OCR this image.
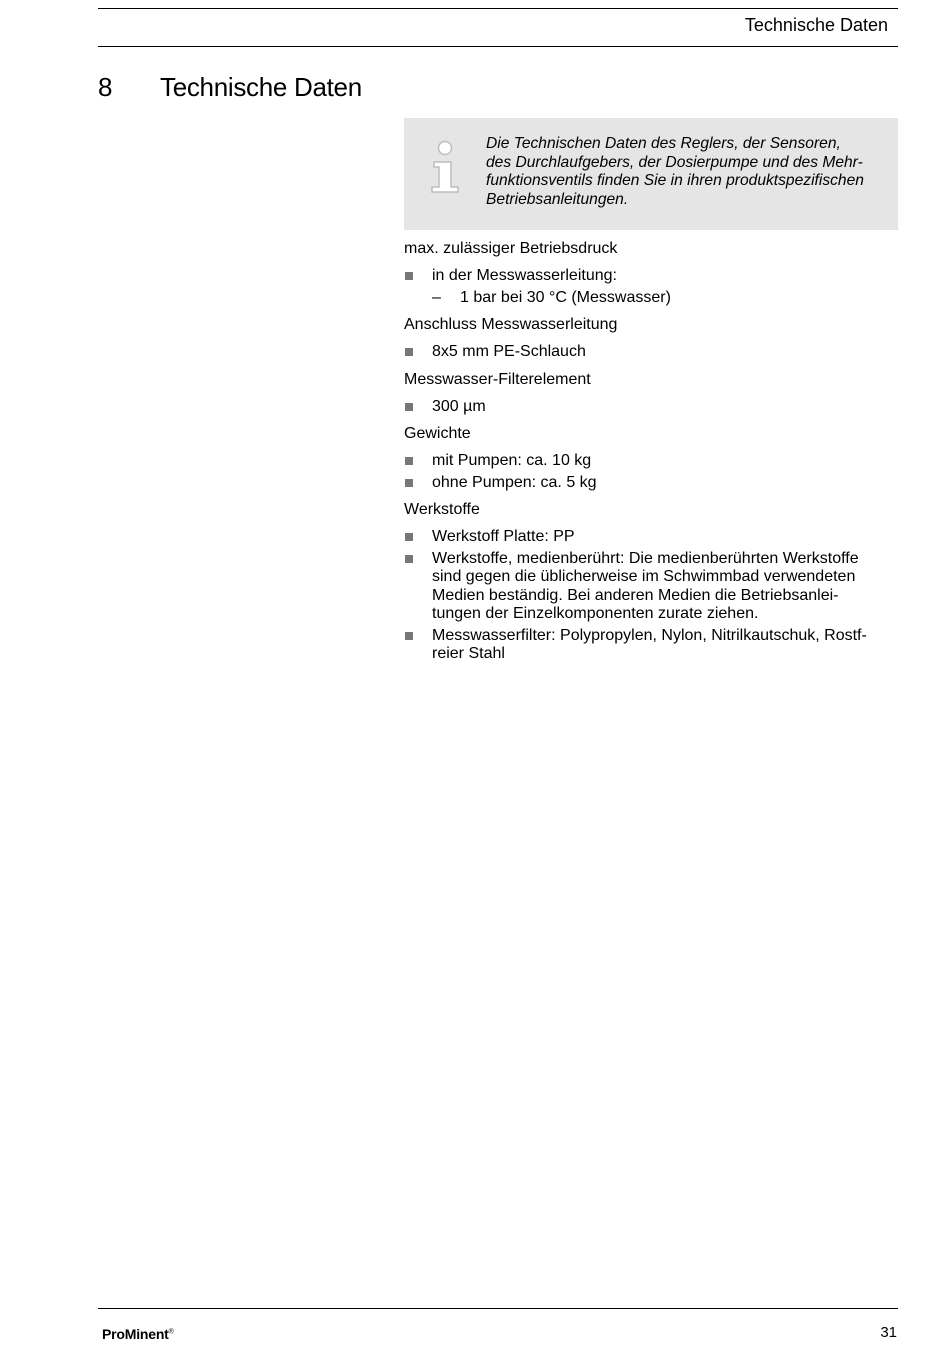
Technische Daten
8 Technische Daten
Die Technischen Daten des Reglers, der Sensoren,
des Durchlaufgebers, der Dosierpumpe und des Mehr-
funktionsventils finden Sie in ihren produktspezifischen
Betriebsanleitungen.

max. zulässiger Betriebsdruck

in der Messwasserleitung:
– 1 bar bei 30 °C (Messwasser)

Anschluss Messwasserleitung

8x5 mm PE-Schlauch

Messwasser-Filterelement

300 µm

Gewichte

mit Pumpen: ca. 10 kg
ohne Pumpen: ca. 5 kg

Werkstoffe

Werkstoff Platte: PP
Werkstoffe, medienberührt: Die medienberührten Werkstoffe
sind gegen die üblicherweise im Schwimmbad verwendeten
Medien beständig. Bei anderen Medien die Betriebsanlei-
tungen der Einzelkomponenten zurate ziehen.
Messwasserfilter: Polypropylen, Nylon, Nitrilkautschuk, Rostf-
reier Stahl
ProMinent®	31
